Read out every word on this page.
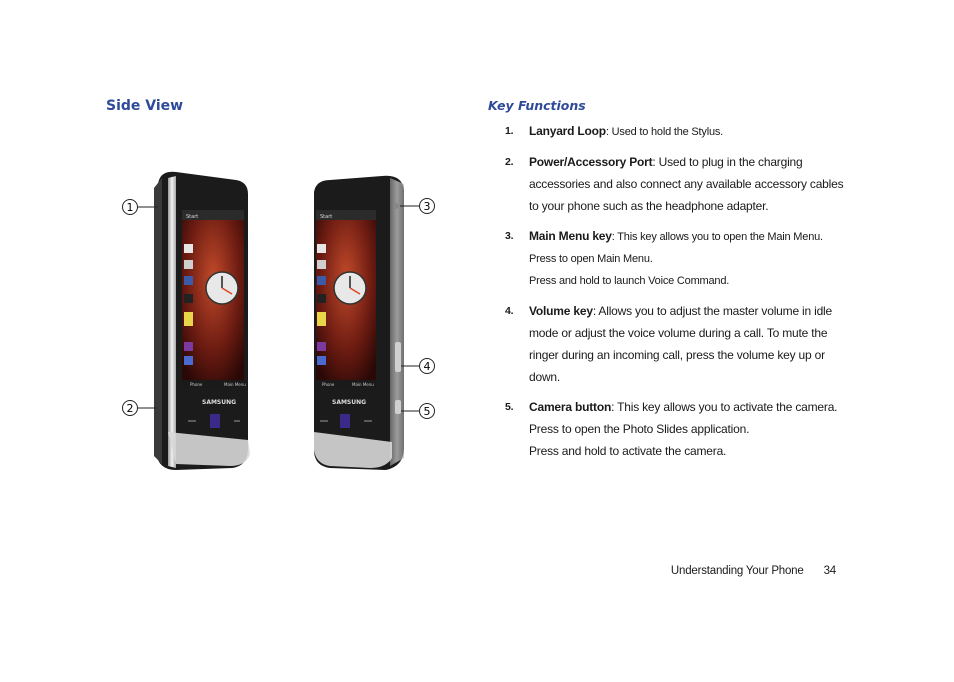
Side View	Key Functions
Start
Phone	Main Menu
SAMSUNG
Start
Phone	Main Menu
SAMSUNG
1
2
3
4
5
1. Lanyard Loop: Used to hold the Stylus.
2. Power/Accessory Port: Used to plug in the charging accessories and also connect any available accessory cables to your phone such as the headphone adapter.
3. Main Menu key: This key allows you to open the Main Menu.
Press to open Main Menu.
Press and hold to launch Voice Command.
4. Volume key: Allows you to adjust the master volume in idle mode or adjust the voice volume during a call. To mute the ringer during an incoming call, press the volume key up or down.
5. Camera button: This key allows you to activate the camera.
Press to open the Photo Slides application.
Press and hold to activate the camera.
Understanding Your Phone 34
